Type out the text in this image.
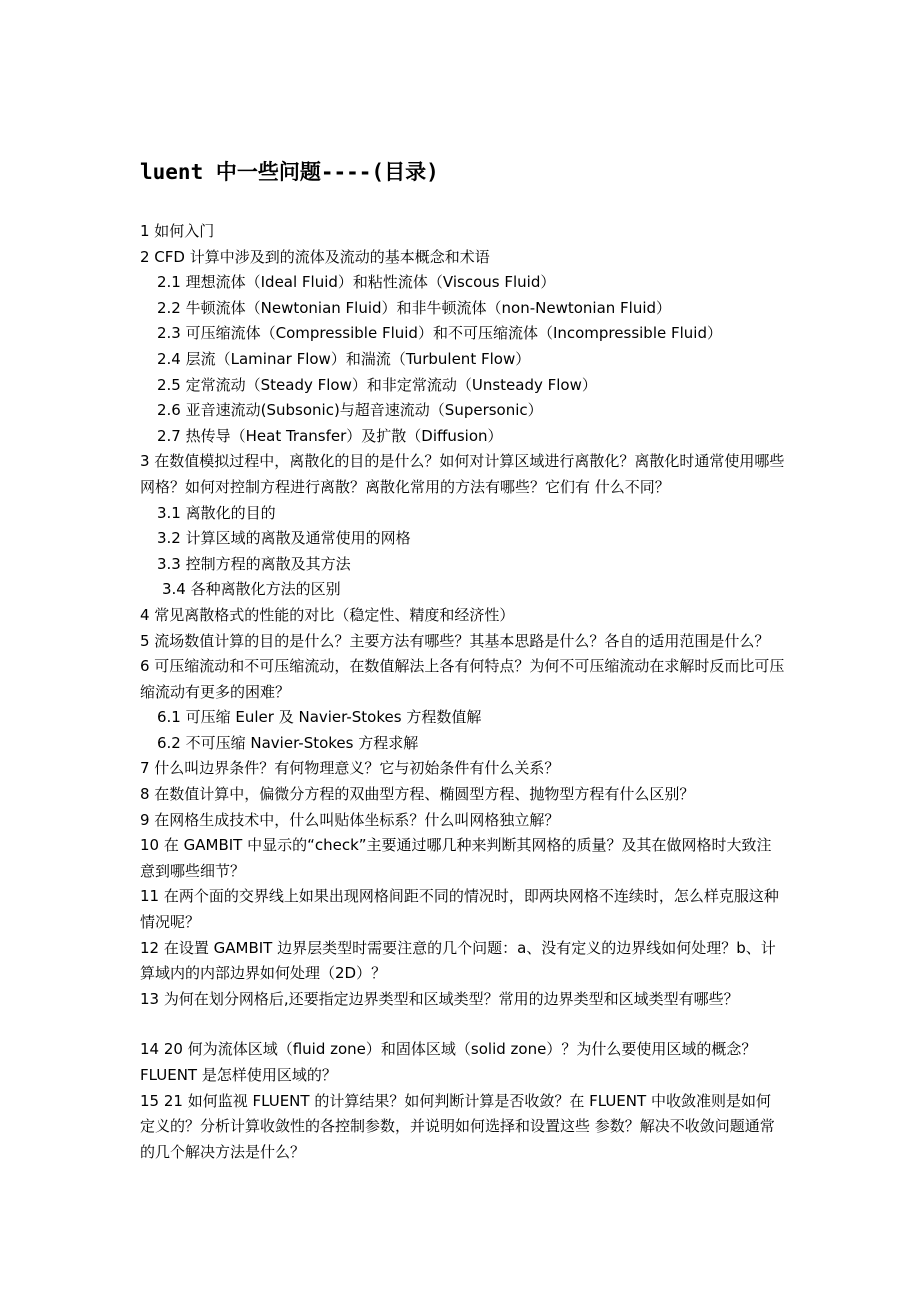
luent 中一些问题----(目录)
1 如何入门
2 CFD 计算中涉及到的流体及流动的基本概念和术语
2.1 理想流体（Ideal Fluid）和粘性流体（Viscous Fluid）
2.2 牛顿流体（Newtonian Fluid）和非牛顿流体（non-Newtonian Fluid）
2.3 可压缩流体（Compressible Fluid）和不可压缩流体（Incompressible Fluid）
2.4 层流（Laminar Flow）和湍流（Turbulent Flow）
2.5 定常流动（Steady Flow）和非定常流动（Unsteady Flow）
2.6 亚音速流动(Subsonic)与超音速流动（Supersonic）
2.7 热传导（Heat Transfer）及扩散（Diffusion）
3 在数值模拟过程中，离散化的目的是什么？如何对计算区域进行离散化？离散化时通常使用哪些网格？如何对控制方程进行离散？离散化常用的方法有哪些？它们有 什么不同？
3.1 离散化的目的
3.2 计算区域的离散及通常使用的网格
3.3 控制方程的离散及其方法
3.4 各种离散化方法的区别
4 常见离散格式的性能的对比（稳定性、精度和经济性）
5 流场数值计算的目的是什么？主要方法有哪些？其基本思路是什么？各自的适用范围是什么？
6 可压缩流动和不可压缩流动，在数值解法上各有何特点？为何不可压缩流动在求解时反而比可压缩流动有更多的困难？
6.1 可压缩 Euler 及 Navier-Stokes 方程数值解
6.2 不可压缩 Navier-Stokes 方程求解
7 什么叫边界条件？有何物理意义？它与初始条件有什么关系？
8 在数值计算中，偏微分方程的双曲型方程、椭圆型方程、抛物型方程有什么区别？
9 在网格生成技术中，什么叫贴体坐标系？什么叫网格独立解？
10 在 GAMBIT 中显示的“check”主要通过哪几种来判断其网格的质量？及其在做网格时大致注意到哪些细节？
11 在两个面的交界线上如果出现网格间距不同的情况时，即两块网格不连续时，怎么样克服这种情况呢？
12 在设置 GAMBIT 边界层类型时需要注意的几个问题：a、没有定义的边界线如何处理？b、计算域内的内部边界如何处理（2D）？
13 为何在划分网格后,还要指定边界类型和区域类型？常用的边界类型和区域类型有哪些？
14 20 何为流体区域（fluid zone）和固体区域（solid zone）？为什么要使用区域的概念？FLUENT 是怎样使用区域的？
15 21 如何监视 FLUENT 的计算结果？如何判断计算是否收敛？在 FLUENT 中收敛准则是如何定义的？分析计算收敛性的各控制参数，并说明如何选择和设置这些 参数？解决不收敛问题通常的几个解决方法是什么？
